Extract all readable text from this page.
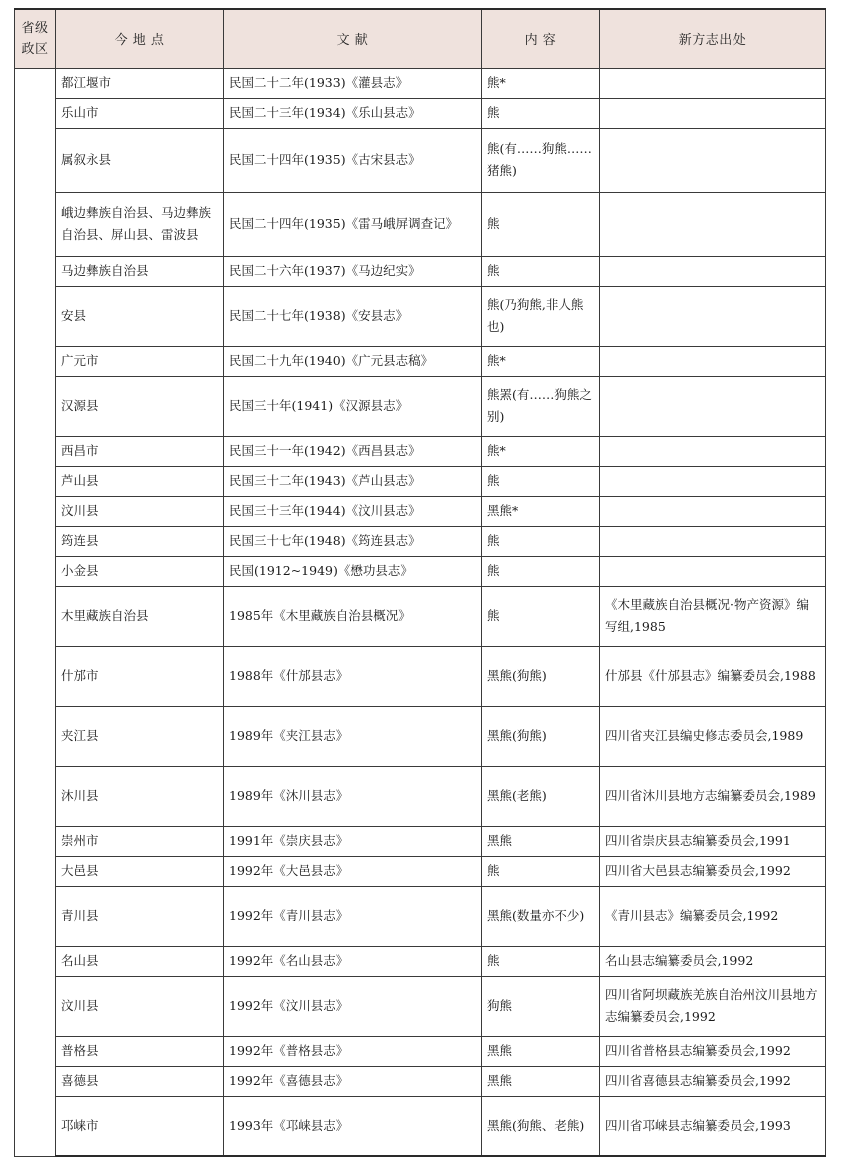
省级政区	今 地 点	文 献	内 容	新方志出处
	都江堰市	民国二十二年(1933)《灌县志》	熊*	
	乐山市	民国二十三年(1934)《乐山县志》	熊	
	属叙永县	民国二十四年(1935)《古宋县志》	熊(有……狗熊……猪熊)	
	峨边彝族自治县、马边彝族自治县、屏山县、雷波县	民国二十四年(1935)《雷马峨屏调查记》	熊	
	马边彝族自治县	民国二十六年(1937)《马边纪实》	熊	
	安县	民国二十七年(1938)《安县志》	熊(乃狗熊,非人熊也)	
	广元市	民国二十九年(1940)《广元县志稿》	熊*	
	汉源县	民国三十年(1941)《汉源县志》	熊罴(有……狗熊之别)	
	西昌市	民国三十一年(1942)《西昌县志》	熊*	
	芦山县	民国三十二年(1943)《芦山县志》	熊	
	汶川县	民国三十三年(1944)《汶川县志》	黑熊*	
	筠连县	民国三十七年(1948)《筠连县志》	熊	
	小金县	民国(1912~1949)《懋功县志》	熊	
	木里藏族自治县	1985年《木里藏族自治县概况》	熊	《木里藏族自治县概况·物产资源》编写组,1985
	什邡市	1988年《什邡县志》	黑熊(狗熊)	什邡县《什邡县志》编纂委员会,1988
	夹江县	1989年《夹江县志》	黑熊(狗熊)	四川省夹江县编史修志委员会,1989
	沐川县	1989年《沐川县志》	黑熊(老熊)	四川省沐川县地方志编纂委员会,1989
	崇州市	1991年《崇庆县志》	黑熊	四川省崇庆县志编纂委员会,1991
	大邑县	1992年《大邑县志》	熊	四川省大邑县志编纂委员会,1992
	青川县	1992年《青川县志》	黑熊(数量亦不少)	《青川县志》编纂委员会,1992
	名山县	1992年《名山县志》	熊	名山县志编纂委员会,1992
	汶川县	1992年《汶川县志》	狗熊	四川省阿坝藏族羌族自治州汶川县地方志编纂委员会,1992
	普格县	1992年《普格县志》	黑熊	四川省普格县志编纂委员会,1992
	喜德县	1992年《喜德县志》	黑熊	四川省喜德县志编纂委员会,1992
	邛崃市	1993年《邛崃县志》	黑熊(狗熊、老熊)	四川省邛崃县志编纂委员会,1993
